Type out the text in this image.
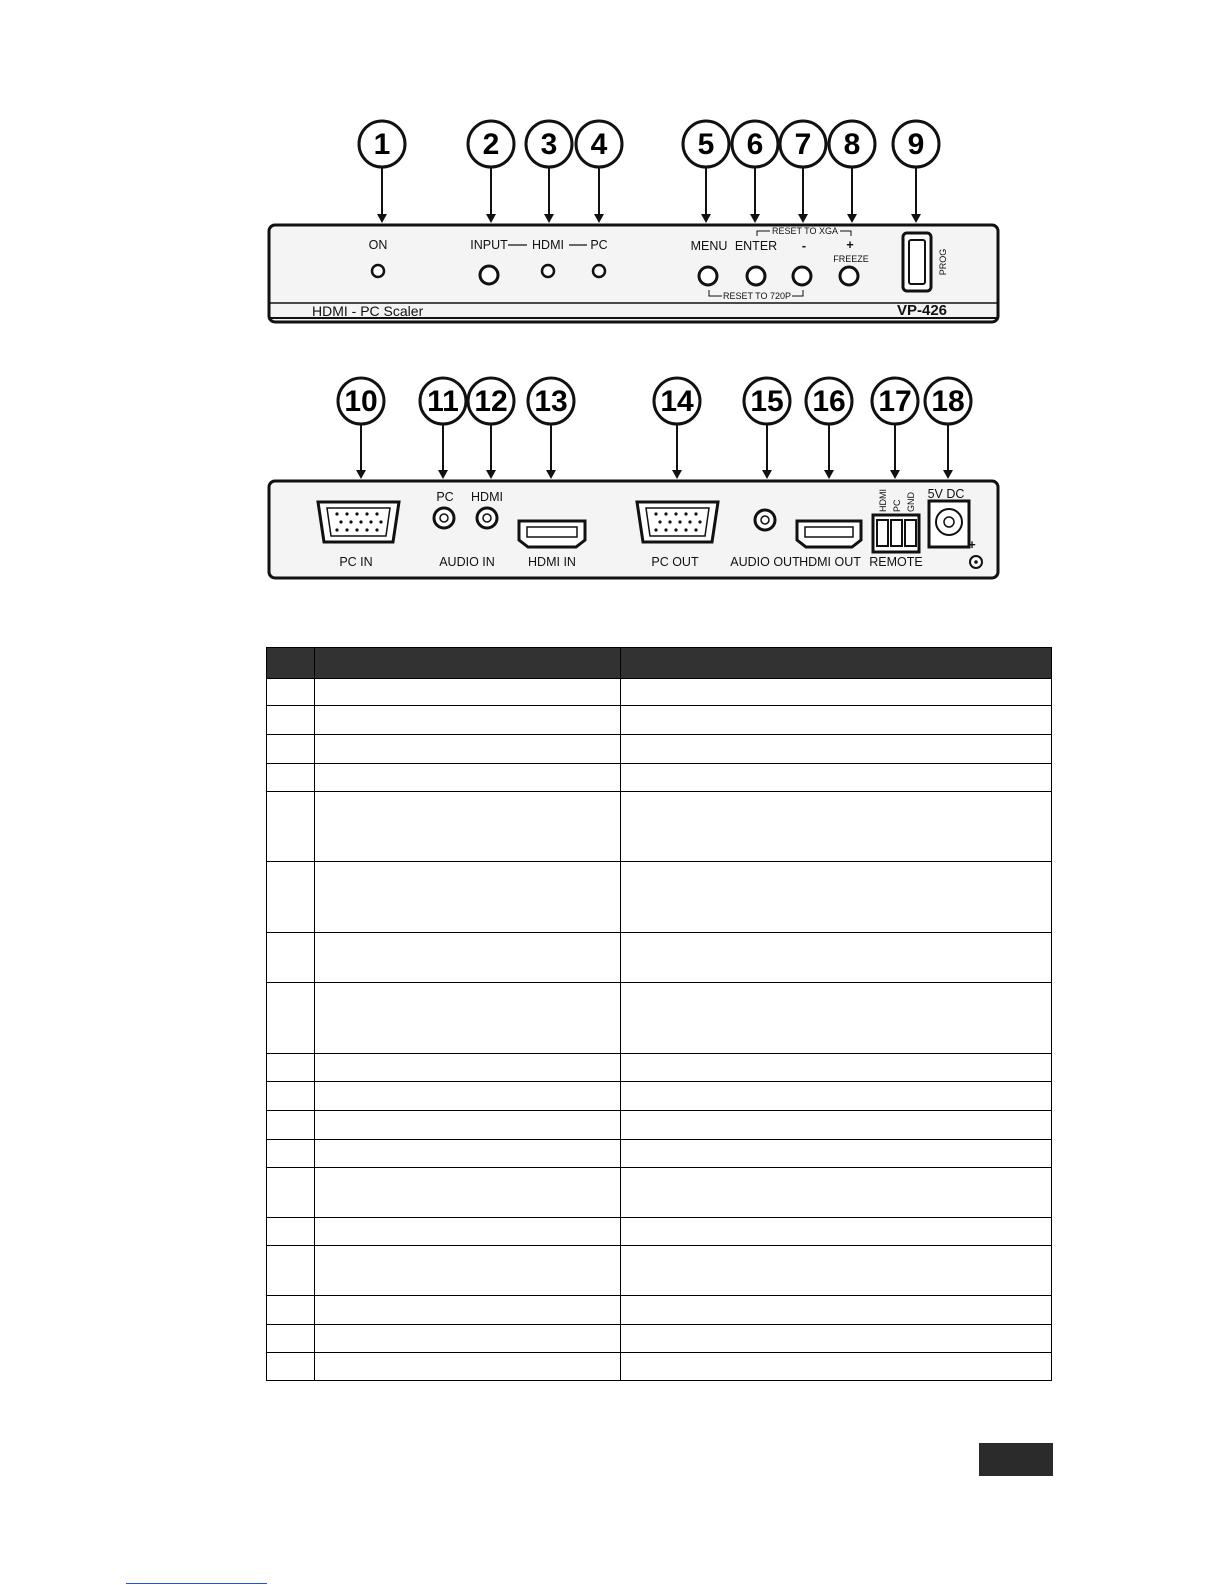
1	2 3 4	5 6 7 8 9
ON	INPUT HDMI PC	MENU ENTER -	+
FREEZE
RESET TO XGA
RESET TO 720P
PROG
HDMI - PC Scaler	VP-426
10 11 12 13	14 15 16 17 18
PC IN
PC HDMI
AUDIO IN	HDMI IN	PC OUT	AUDIO OUT HDMI OUT
HDMI PC GND
REMOTE
5V DC
+
